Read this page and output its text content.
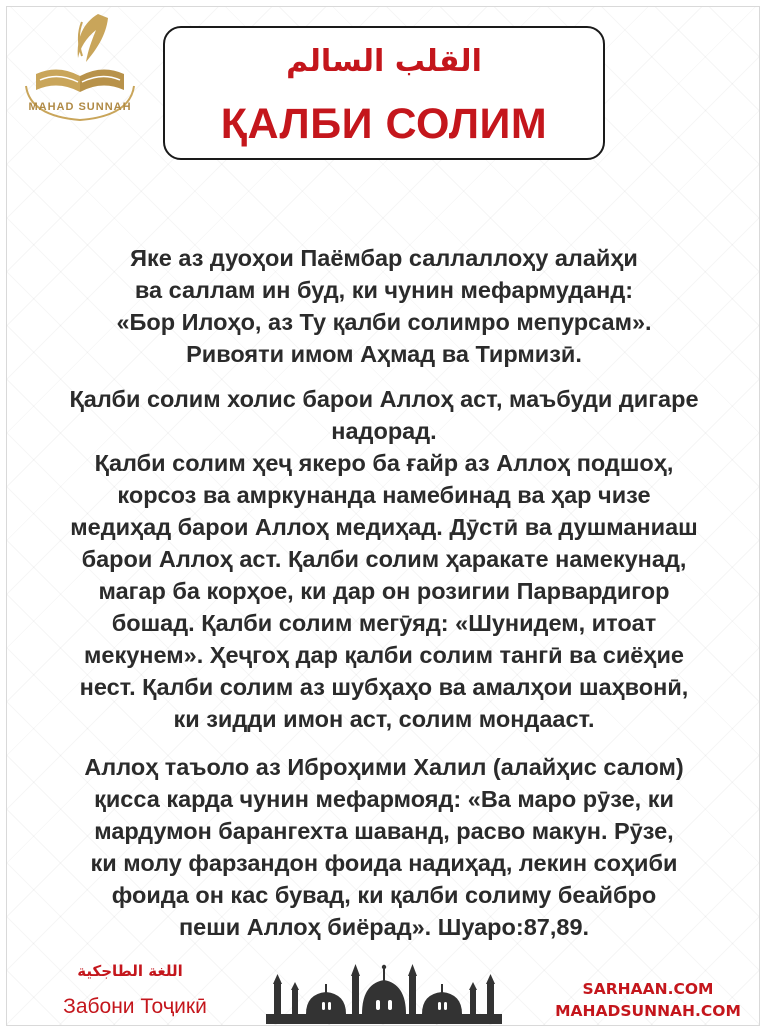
MAHAD SUNNAH
القلب السالم
ҚАЛБИ СОЛИМ

Яке аз дуоҳои Паёмбар саллаллоҳу алайҳи

ва саллам ин буд, ки чунин мефармуданд:

«Бор Илоҳо, аз Ту қалби солимро мепурсам».

Ривояти имом Аҳмад ва Тирмизӣ.

Қалби солим холис барои Аллоҳ аст, маъбуди дигаре

надорад.

Қалби солим ҳеҷ якеро ба ғайр аз Аллоҳ подшоҳ,

корсоз ва амркунанда намебинад ва ҳар чизе

медиҳад барои Аллоҳ медиҳад. Дӯстӣ ва душманиаш

барои Аллоҳ аст. Қалби солим ҳаракате намекунад,

магар ба корҳое, ки дар он розигии Парвардигор

бошад. Қалби солим мегӯяд: «Шунидем, итоат

мекунем». Ҳеҷгоҳ дар қалби солим тангӣ ва сиёҳие

нест. Қалби солим аз шубҳаҳо ва амалҳои шаҳвонӣ,

ки зидди имон аст, солим мондааст.

Аллоҳ таъоло аз Иброҳими Халил (алайҳис салом)

қисса карда чунин мефармояд: «Ва маро рӯзе, ки

мардумон барангехта шаванд, расво макун. Рӯзе,

ки молу фарзандон фоида надиҳад, лекин соҳиби

фоида он кас бувад, ки қалби солиму беайбро

пеши Аллоҳ биёрад». Шуаро:87,89.

اللغة الطاجكية
Забони Тоҷикӣ
SARHAAN.COM
MAHADSUNNAH.COM
